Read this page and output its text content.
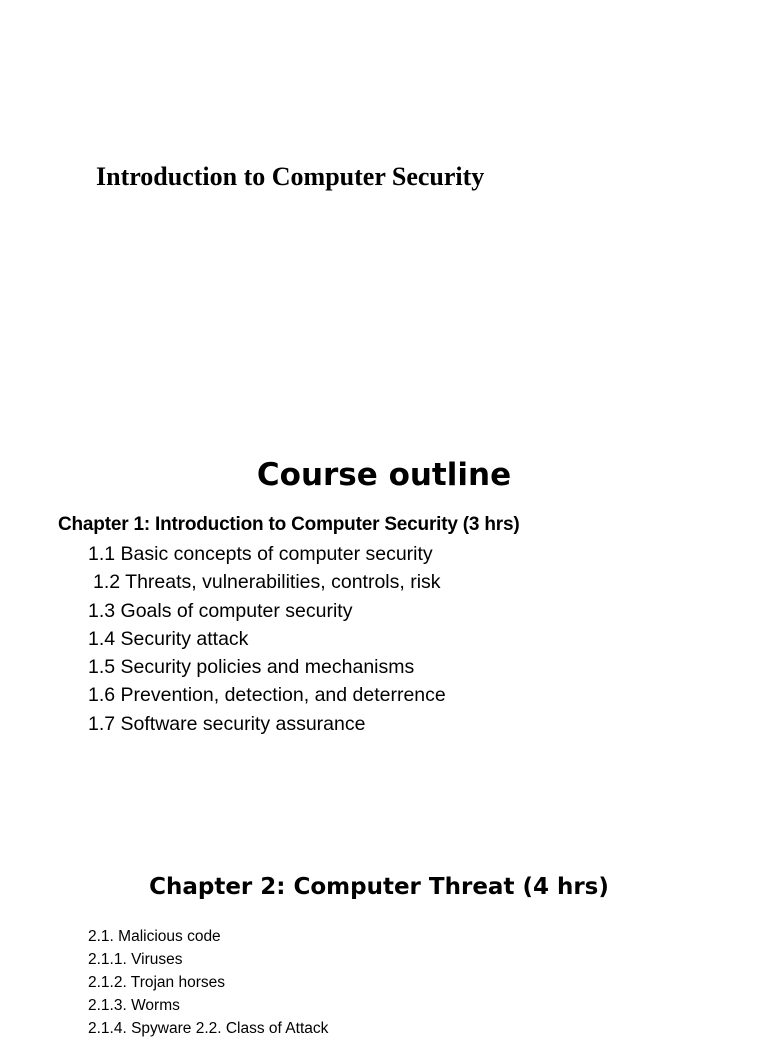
Introduction to Computer Security
Course outline
Chapter 1: Introduction to Computer Security (3 hrs)
1.1 Basic concepts of computer security
1.2 Threats, vulnerabilities, controls, risk
1.3 Goals of computer security
1.4 Security attack
1.5 Security policies and mechanisms
1.6 Prevention, detection, and deterrence
1.7 Software security assurance
Chapter 2: Computer Threat (4 hrs)
2.1. Malicious code
2.1.1. Viruses
2.1.2. Trojan horses
2.1.3. Worms
2.1.4. Spyware 2.2. Class of Attack
